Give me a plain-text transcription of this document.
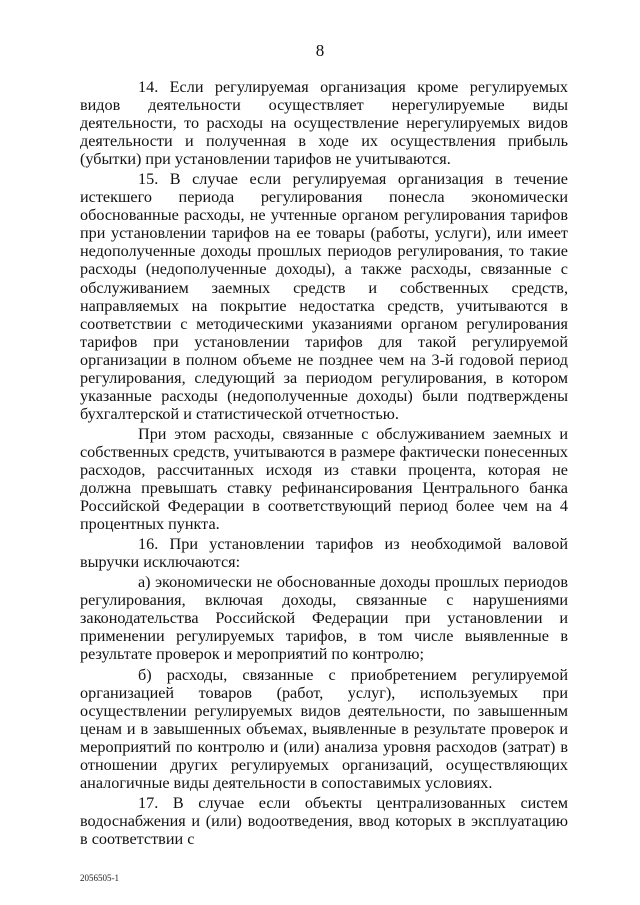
8

14. Если регулируемая организация кроме регулируемых видов деятельности осуществляет нерегулируемые виды деятельности, то расходы на осуществление нерегулируемых видов деятельности и полученная в ходе их осуществления прибыль (убытки) при установлении тарифов не учитываются.

15. В случае если регулируемая организация в течение истекшего периода регулирования понесла экономически обоснованные расходы, не учтенные органом регулирования тарифов при установлении тарифов на ее товары (работы, услуги), или имеет недополученные доходы прошлых периодов регулирования, то такие расходы (недополученные доходы), а также расходы, связанные с обслуживанием заемных средств и собственных средств, направляемых на покрытие недостатка средств, учитываются в соответствии с методическими указаниями органом регулирования тарифов при установлении тарифов для такой регулируемой организации в полном объеме не позднее чем на 3-й годовой период регулирования, следующий за периодом регулирования, в котором указанные расходы (недополученные доходы) были подтверждены бухгалтерской и статистической отчетностью.

При этом расходы, связанные с обслуживанием заемных и собственных средств, учитываются в размере фактически понесенных расходов, рассчитанных исходя из ставки процента, которая не должна превышать ставку рефинансирования Центрального банка Российской Федерации в соответствующий период более чем на 4 процентных пункта.

16. При установлении тарифов из необходимой валовой выручки исключаются:

а) экономически не обоснованные доходы прошлых периодов регулирования, включая доходы, связанные с нарушениями законодательства Российской Федерации при установлении и применении регулируемых тарифов, в том числе выявленные в результате проверок и мероприятий по контролю;

б) расходы, связанные с приобретением регулируемой организацией товаров (работ, услуг), используемых при осуществлении регулируемых видов деятельности, по завышенным ценам и в завышенных объемах, выявленные в результате проверок и мероприятий по контролю и (или) анализа уровня расходов (затрат) в отношении других регулируемых организаций, осуществляющих аналогичные виды деятельности в сопоставимых условиях.

17. В случае если объекты централизованных систем водоснабжения и (или) водоотведения, ввод которых в эксплуатацию в соответствии с

2056505-1
